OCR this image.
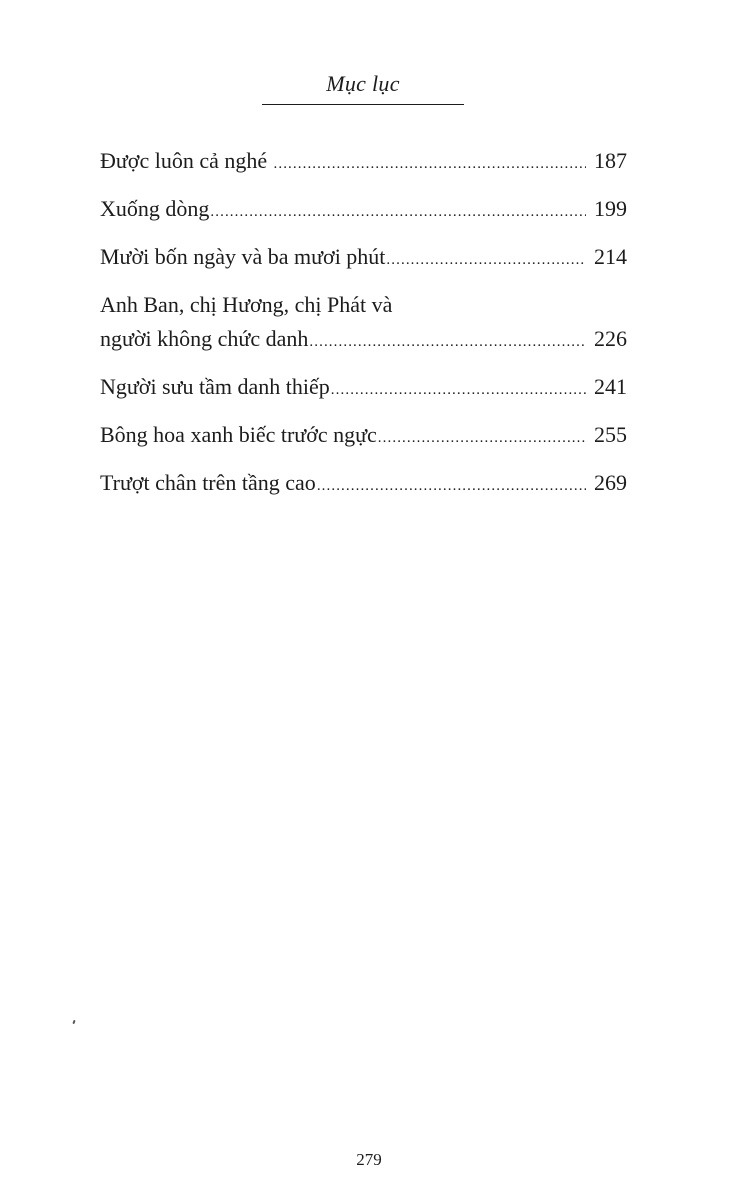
Mục lục
Được luôn cả nghé .....	187
Xuống dòng .....	199
Mười bốn ngày và ba mươi phút .....	214
Anh Ban, chị Hương, chị Phát và
người không chức danh .....	226
Người sưu tầm danh thiếp .....	241
Bông hoa xanh biếc trước ngực .....	255
Trượt chân trên tầng cao .....	269
279
